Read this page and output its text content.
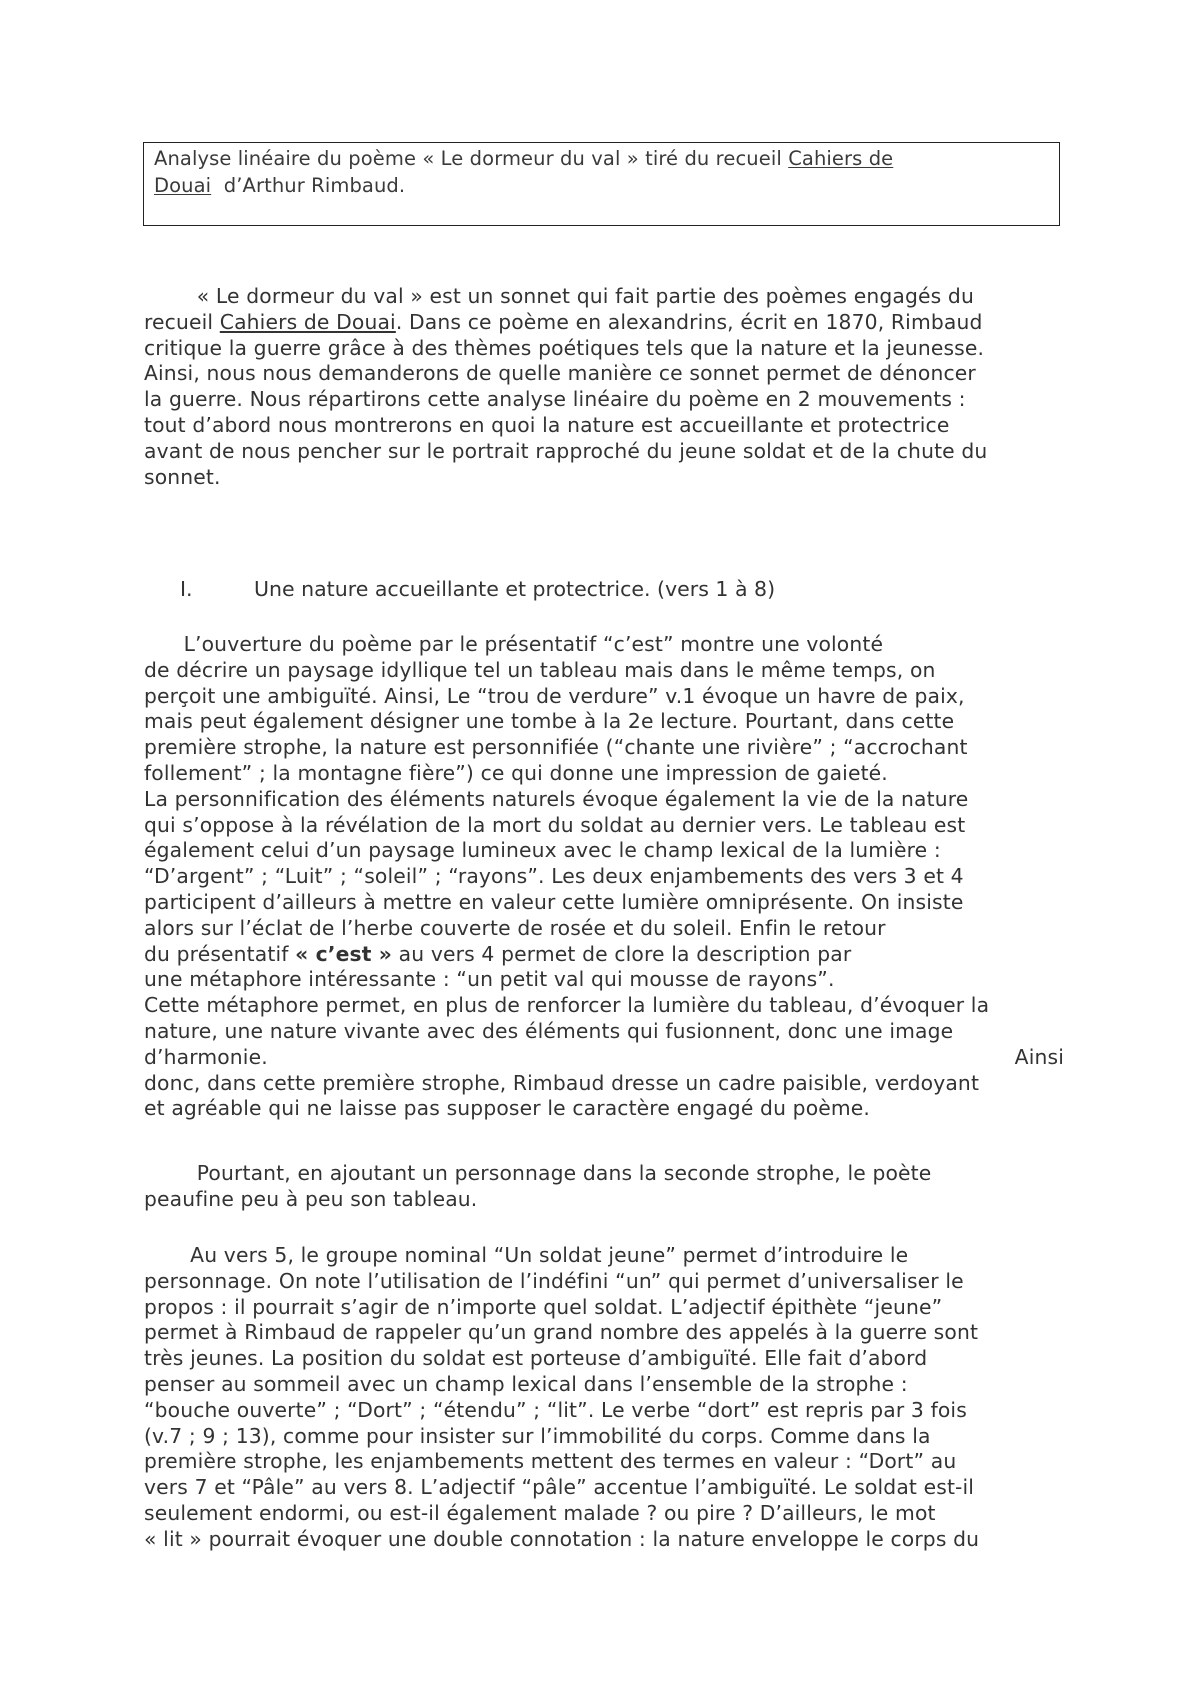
Analyse linéaire du poème « Le dormeur du val » tiré du recueil Cahiers de
Douai  d’Arthur Rimbaud.
« Le dormeur du val » est un sonnet qui fait partie des poèmes engagés du
recueil Cahiers de Douai. Dans ce poème en alexandrins, écrit en 1870, Rimbaud
critique la guerre grâce à des thèmes poétiques tels que la nature et la jeunesse.
Ainsi, nous nous demanderons de quelle manière ce sonnet permet de dénoncer
la guerre. Nous répartirons cette analyse linéaire du poème en 2 mouvements :
tout d’abord nous montrerons en quoi la nature est accueillante et protectrice
avant de nous pencher sur le portrait rapproché du jeune soldat et de la chute du
sonnet.
I.	Une nature accueillante et protectrice. (vers 1 à 8)
L’ouverture du poème par le présentatif “c’est” montre une volonté
de décrire un paysage idyllique tel un tableau mais dans le même temps, on
perçoit une ambiguïté. Ainsi, Le “trou de verdure” v.1 évoque un havre de paix,
mais peut également désigner une tombe à la 2e lecture. Pourtant, dans cette
première strophe, la nature est personnifiée (“chante une rivière” ; “accrochant
follement” ; la montagne fière”) ce qui donne une impression de gaieté.
La personnification des éléments naturels évoque également la vie de la nature
qui s’oppose à la révélation de la mort du soldat au dernier vers. Le tableau est
également celui d’un paysage lumineux avec le champ lexical de la lumière :
“D’argent” ; “Luit” ; “soleil” ; “rayons”. Les deux enjambements des vers 3 et 4
participent d’ailleurs à mettre en valeur cette lumière omniprésente. On insiste
alors sur l’éclat de l’herbe couverte de rosée et du soleil. Enfin le retour
du présentatif « c’est » au vers 4 permet de clore la description par
une métaphore intéressante : “un petit val qui mousse de rayons”.
Cette métaphore permet, en plus de renforcer la lumière du tableau, d’évoquer la
nature, une nature vivante avec des éléments qui fusionnent, donc une image
d’harmonie.	Ainsi
donc, dans cette première strophe, Rimbaud dresse un cadre paisible, verdoyant
et agréable qui ne laisse pas supposer le caractère engagé du poème.
Pourtant, en ajoutant un personnage dans la seconde strophe, le poète
peaufine peu à peu son tableau.
Au vers 5, le groupe nominal “Un soldat jeune” permet d’introduire le
personnage. On note l’utilisation de l’indéfini “un” qui permet d’universaliser le
propos : il pourrait s’agir de n’importe quel soldat. L’adjectif épithète “jeune”
permet à Rimbaud de rappeler qu’un grand nombre des appelés à la guerre sont
très jeunes. La position du soldat est porteuse d’ambiguïté. Elle fait d’abord
penser au sommeil avec un champ lexical dans l’ensemble de la strophe :
“bouche ouverte” ; “Dort” ; “étendu” ; “lit”. Le verbe “dort” est repris par 3 fois
(v.7 ; 9 ; 13), comme pour insister sur l’immobilité du corps. Comme dans la
première strophe, les enjambements mettent des termes en valeur : “Dort” au
vers 7 et “Pâle” au vers 8. L’adjectif “pâle” accentue l’ambiguïté. Le soldat est-il
seulement endormi, ou est-il également malade ? ou pire ? D’ailleurs, le mot
« lit » pourrait évoquer une double connotation : la nature enveloppe le corps du
